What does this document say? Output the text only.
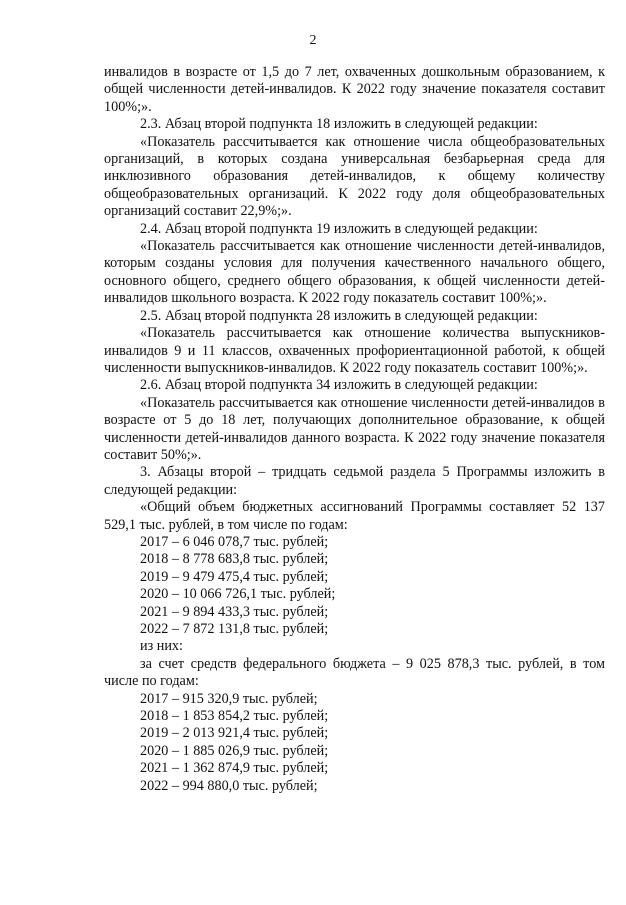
2

инвалидов в возрасте от 1,5 до 7 лет, охваченных дошкольным образованием, к общей численности детей-инвалидов. К 2022 году значение показателя составит 100%;».

2.3. Абзац второй подпункта 18 изложить в следующей редакции:

«Показатель рассчитывается как отношение числа общеобразовательных организаций, в которых создана универсальная безбарьерная среда для инклюзивного образования детей-инвалидов, к общему количеству общеобразовательных организаций. К 2022 году доля общеобразовательных организаций составит 22,9%;».

2.4. Абзац второй подпункта 19 изложить в следующей редакции:

«Показатель рассчитывается как отношение численности детей-инвалидов, которым созданы условия для получения качественного начального общего, основного общего, среднего общего образования, к общей численности детей-инвалидов школьного возраста. К 2022 году показатель составит 100%;».

2.5. Абзац второй подпункта 28 изложить в следующей редакции:

«Показатель рассчитывается как отношение количества выпускников-инвалидов 9 и 11 классов, охваченных профориентационной работой, к общей численности выпускников-инвалидов. К 2022 году показатель составит 100%;».

2.6. Абзац второй подпункта 34 изложить в следующей редакции:

«Показатель рассчитывается как отношение численности детей-инвалидов в возрасте от 5 до 18 лет, получающих дополнительное образование, к общей численности детей-инвалидов данного возраста. К 2022 году значение показателя составит 50%;».

3. Абзацы второй – тридцать седьмой раздела 5 Программы изложить в следующей редакции:

«Общий объем бюджетных ассигнований Программы составляет 52 137 529,1 тыс. рублей, в том числе по годам:

2017 – 6 046 078,7 тыс. рублей;

2018 – 8 778 683,8 тыс. рублей;

2019 – 9 479 475,4 тыс. рублей;

2020 – 10 066 726,1 тыс. рублей;

2021 – 9 894 433,3 тыс. рублей;

2022 – 7 872 131,8 тыс. рублей;

из них:

за счет средств федерального бюджета – 9 025 878,3 тыс. рублей, в том числе по годам:

2017 – 915 320,9 тыс. рублей;

2018 – 1 853 854,2 тыс. рублей;

2019 – 2 013 921,4 тыс. рублей;

2020 – 1 885 026,9 тыс. рублей;

2021 – 1 362 874,9 тыс. рублей;

2022 – 994 880,0 тыс. рублей;
